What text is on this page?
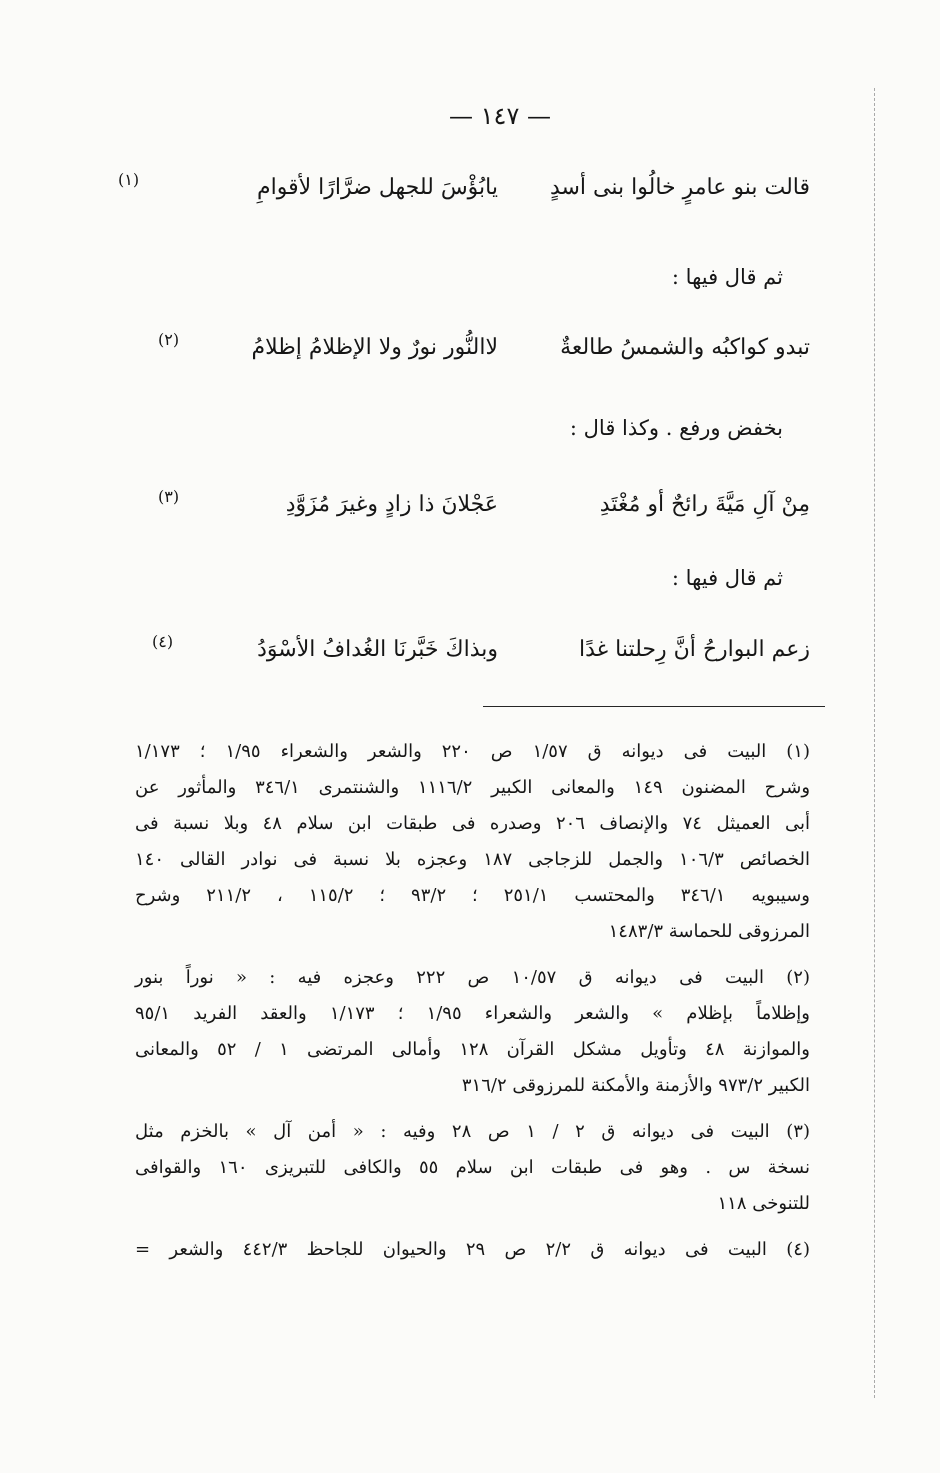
— ١٤٧ —
قالت بنو عامرٍ خالُوا بنى أسدٍ
يابُؤْسَ للجهل ضرَّارًا لأقوامِ
(١)
ثم قال فيها :
تبدو كواكبُه والشمسُ طالعةٌ
لاالنُّور نورٌ ولا الإظلامُ إظلامُ
(٢)
بخفض ورفع . وكذا قال :
مِنْ آلِ مَيَّةَ رائحٌ أو مُغْتَدِ
عَجْلانَ ذا زادٍ وغيرَ مُزَوَّدِ
(٣)
ثم قال فيها :
زعم البوارحُ أنَّ رِحلتنا غدًا
وبذاكَ خَبَّرنَا الغُدافُ الأسْوَدُ
(٤)
(١) البيت فى ديوانه ق ١/٥٧ ص ٢٢٠ والشعر والشعراء ١/٩٥ ؛ ١/١٧٣
وشرح المضنون ١٤٩ والمعانى الكبير ١١١٦/٢ والشنتمرى ٣٤٦/١ والمأثور عن
أبى العميثل ٧٤ والإنصاف ٢٠٦ وصدره فى طبقات ابن سلام ٤٨ وبلا نسبة فى
الخصائص ١٠٦/٣ والجمل للزجاجى ١٨٧ وعجزه بلا نسبة فى نوادر القالى ١٤٠
وسيبويه ٣٤٦/١ والمحتسب ٢٥١/١ ؛ ٩٣/٢ ؛ ١١٥/٢ ، ٢١١/٢ وشرح
المرزوقى للحماسة ١٤٨٣/٣
(٢) البيت فى ديوانه ق ١٠/٥٧ ص ٢٢٢ وعجزه فيه : « نوراً بنور
وإظلاماً بإظلام » والشعر والشعراء ١/٩٥ ؛ ١/١٧٣ والعقد الفريد ٩٥/١
والموازنة ٤٨ وتأويل مشكل القرآن ١٢٨ وأمالى المرتضى ١ / ٥٢ والمعانى
الكبير ٩٧٣/٢ والأزمنة والأمكنة للمرزوقى ٣١٦/٢
(٣) البيت فى ديوانه ق ٢ / ١ ص ٢٨ وفيه : « أمن آل » بالخزم مثل
نسخة س . وهو فى طبقات ابن سلام ٥٥ والكافى للتبريزى ١٦٠ والقوافى
للتنوخى ١١٨
(٤) البيت فى ديوانه ق ٢/٢ ص ٢٩ والحيوان للجاحظ ٤٤٢/٣ والشعر =
